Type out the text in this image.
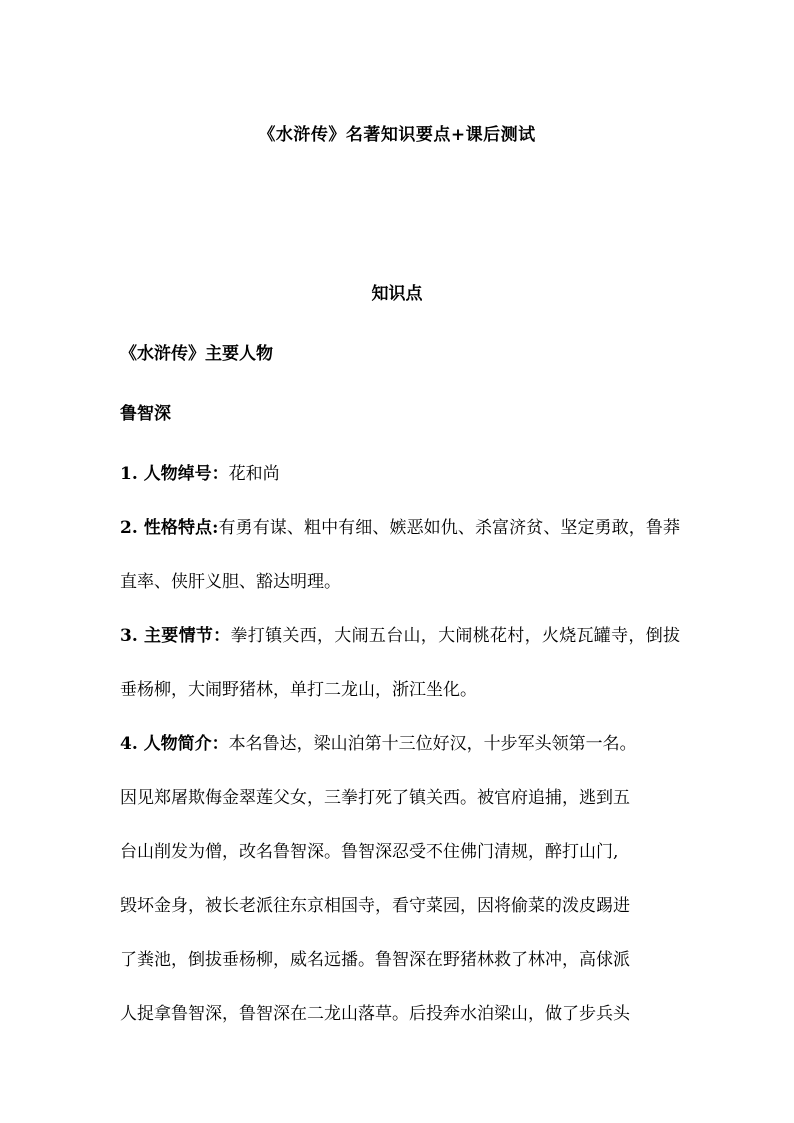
《水浒传》名著知识要点+课后测试
知识点
《水浒传》主要人物
鲁智深
1. 人物绰号：花和尚
2. 性格特点:有勇有谋、粗中有细、嫉恶如仇、杀富济贫、坚定勇敢，鲁莽直率、侠肝义胆、豁达明理。
3. 主要情节：拳打镇关西，大闹五台山，大闹桃花村，火烧瓦罐寺，倒拔垂杨柳，大闹野猪林，单打二龙山，浙江坐化。
4. 人物简介：本名鲁达，梁山泊第十三位好汉，十步军头领第一名。
因见郑屠欺侮金翠莲父女，三拳打死了镇关西。被官府追捕，逃到五
台山削发为僧，改名鲁智深。鲁智深忍受不住佛门清规，醉打山门,
毁坏金身，被长老派往东京相国寺，看守菜园，因将偷菜的泼皮踢进
了粪池，倒拔垂杨柳，威名远播。鲁智深在野猪林救了林冲，高俅派
人捉拿鲁智深，鲁智深在二龙山落草。后投奔水泊梁山，做了步兵头
